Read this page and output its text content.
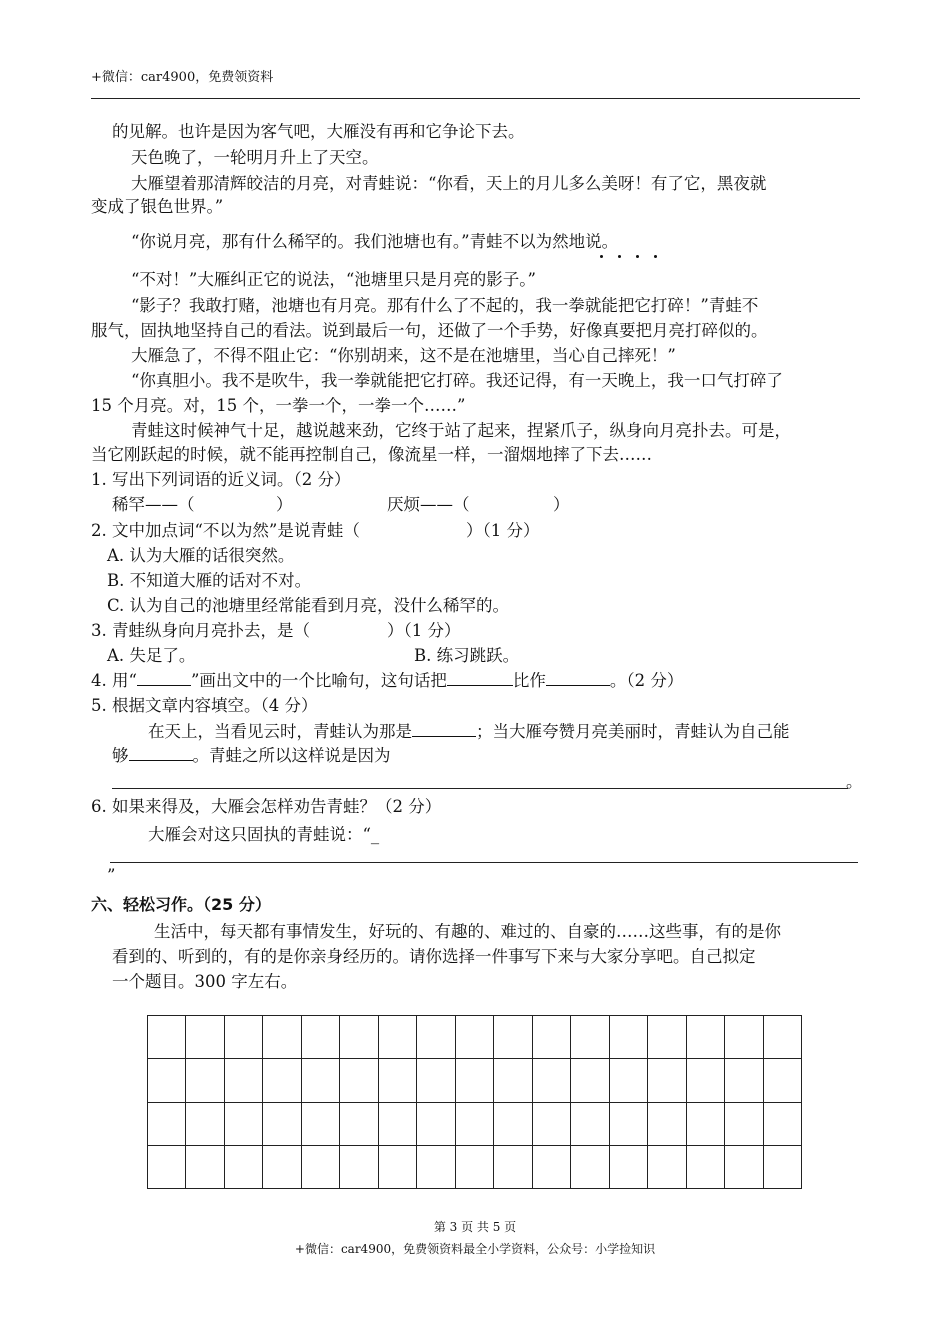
+微信：car4900，免费领资料
的见解。也许是因为客气吧，大雁没有再和它争论下去。
天色晚了，一轮明月升上了天空。
大雁望着那清辉皎洁的月亮，对青蛙说：“你看，天上的月儿多么美呀！有了它，黑夜就
变成了银色世界。”
“你说月亮，那有什么稀罕的。我们池塘也有。”青蛙不以为然地说。
“不对！”大雁纠正它的说法，“池塘里只是月亮的影子。”
“影子？我敢打赌，池塘也有月亮。那有什么了不起的，我一拳就能把它打碎！”青蛙不
服气，固执地坚持自己的看法。说到最后一句，还做了一个手势，好像真要把月亮打碎似的。
大雁急了，不得不阻止它：“你别胡来，这不是在池塘里，当心自己摔死！”
“你真胆小。我不是吹牛，我一拳就能把它打碎。我还记得，有一天晚上，我一口气打碎了
15 个月亮。对，15 个，一拳一个，一拳一个……”
青蛙这时候神气十足，越说越来劲，它终于站了起来，捏紧爪子，纵身向月亮扑去。可是，
当它刚跃起的时候，就不能再控制自己，像流星一样，一溜烟地摔了下去……
1. 写出下列词语的近义词。（2 分）
稀罕——（	）	厌烦——（	）
2. 文中加点词“不以为然”是说青蛙（	）（1 分）
A. 认为大雁的话很突然。
B. 不知道大雁的话对不对。
C. 认为自己的池塘里经常能看到月亮，没什么稀罕的。
3. 青蛙纵身向月亮扑去，是（	）（1 分）
A. 失足了。	B. 练习跳跃。
4. 用“	”画出文中的一个比喻句，这句话把	比作	。（2 分）
5. 根据文章内容填空。（4 分）
在天上，当看见云时，青蛙认为那是	；当大雁夸赞月亮美丽时，青蛙认为自己能
够	。青蛙之所以这样说是因为
。
6. 如果来得及，大雁会怎样劝告青蛙？（2 分）
大雁会对这只固执的青蛙说：“_
”
六、轻松习作。（25 分）
生活中，每天都有事情发生，好玩的、有趣的、难过的、自豪的……这些事，有的是你
看到的、听到的，有的是你亲身经历的。请你选择一件事写下来与大家分享吧。自己拟定
一个题目。300 字左右。

第 3 页 共 5 页
+微信：car4900，免费领资料最全小学资料，公众号：小学捡知识
